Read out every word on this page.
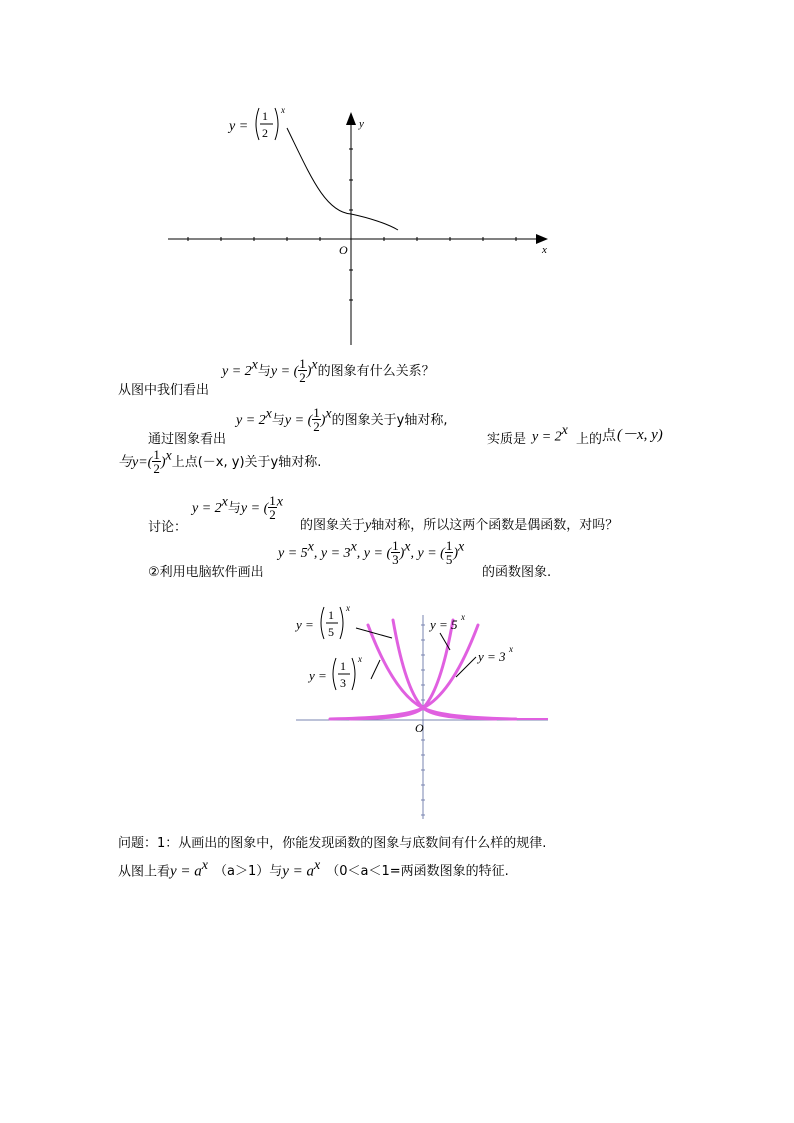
y
x
O
y =
1
2
x
从图中我们看出
$y = 2^x$与y = ( $\frac{1}{2} )^x$的图象有什么关系？
通过图象看出
$y = 2^x$与y = ( $\frac{1}{2} )^x$的图象关于y轴对称,
实质是 $y = 2^x$
上的 点 (－x, y)
与$y=( \frac{1}{2} )^x$上点(－x, y)关于y轴对称.
讨论：
$y = 2^x$与y = ( $\frac{1}{2} ^x$
的图象关于y轴对称，所以这两个函数是偶函数，对吗？
②利用电脑软件画出
$y = 5^x$, $y = 3^x$, y = ( $\frac{1}{3} )^x$, y = ( $\frac{1}{5} )^x$
的函数图象.
O
y = 5 x
y = 3 x
y =
1
5
x
y =
1
3
x
问题：1：从画出的图象中，你能发现函数的图象与底数间有什么样的规律.
从图上看$y = a^x$ （a＞1）与$y = a^x$ （0＜a＜1=两函数图象的特征.
